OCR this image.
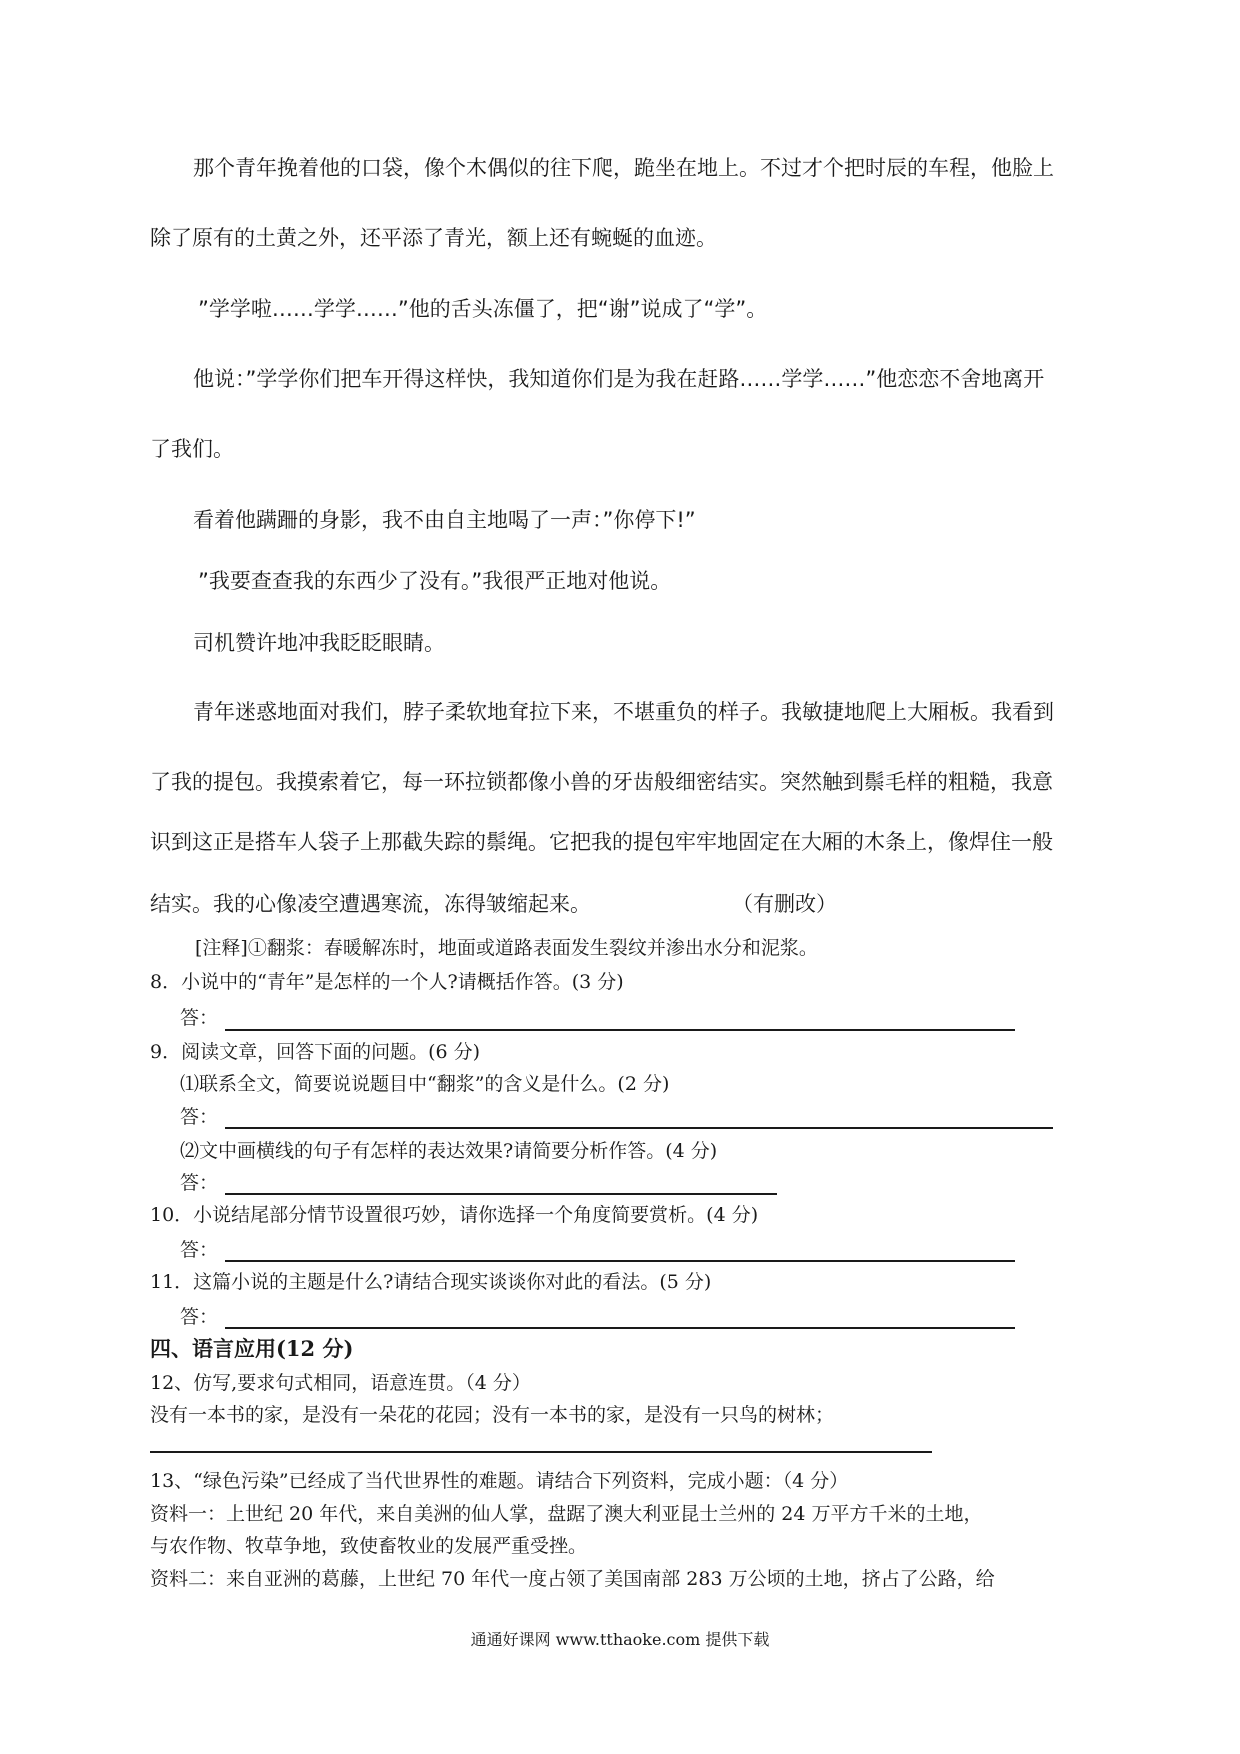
那个青年挽着他的口袋，像个木偶似的往下爬，跪坐在地上。不过才个把时辰的车程，他脸上

除了原有的土黄之外，还平添了青光，额上还有蜿蜒的血迹。

”学学啦……学学……”他的舌头冻僵了，把“谢”说成了“学”。

他说：”学学你们把车开得这样快，我知道你们是为我在赶路……学学……”他恋恋不舍地离开

了我们。

看着他蹒跚的身影，我不由自主地喝了一声：”你停下!”

”我要查查我的东西少了没有。”我很严正地对他说。

司机赞许地冲我眨眨眼睛。

青年迷惑地面对我们，脖子柔软地耷拉下来，不堪重负的样子。我敏捷地爬上大厢板。我看到

了我的提包。我摸索着它，每一环拉锁都像小兽的牙齿般细密结实。突然触到鬃毛样的粗糙，我意

识到这正是搭车人袋子上那截失踪的鬃绳。它把我的提包牢牢地固定在大厢的木条上，像焊住一般

结实。我的心像凌空遭遇寒流，冻得皱缩起来。	（有删改）

[注释]①翻浆：春暖解冻时，地面或道路表面发生裂纹并渗出水分和泥浆。
8．小说中的“青年”是怎样的一个人?请概括作答。(3 分)
答：
9．阅读文章，回答下面的问题。(6 分)
⑴联系全文，简要说说题目中“翻浆”的含义是什么。(2 分)
答：
⑵文中画横线的句子有怎样的表达效果?请简要分析作答。(4 分)
答：
10．小说结尾部分情节设置很巧妙，请你选择一个角度简要赏析。(4 分)
答：
11．这篇小说的主题是什么?请结合现实谈谈你对此的看法。(5 分)
答：
四、语言应用(12 分)
12、仿写,要求句式相同，语意连贯。（4 分）
没有一本书的家，是没有一朵花的花园；没有一本书的家，是没有一只鸟的树林；
13、“绿色污染”已经成了当代世界性的难题。请结合下列资料，完成小题：（4 分）
资料一：上世纪 20 年代，来自美洲的仙人掌，盘踞了澳大利亚昆士兰州的 24 万平方千米的土地，
与农作物、牧草争地，致使畜牧业的发展严重受挫。
资料二：来自亚洲的葛藤，上世纪 70 年代一度占领了美国南部 283 万公顷的土地，挤占了公路，给
通通好课网 www.tthaoke.com 提供下载
